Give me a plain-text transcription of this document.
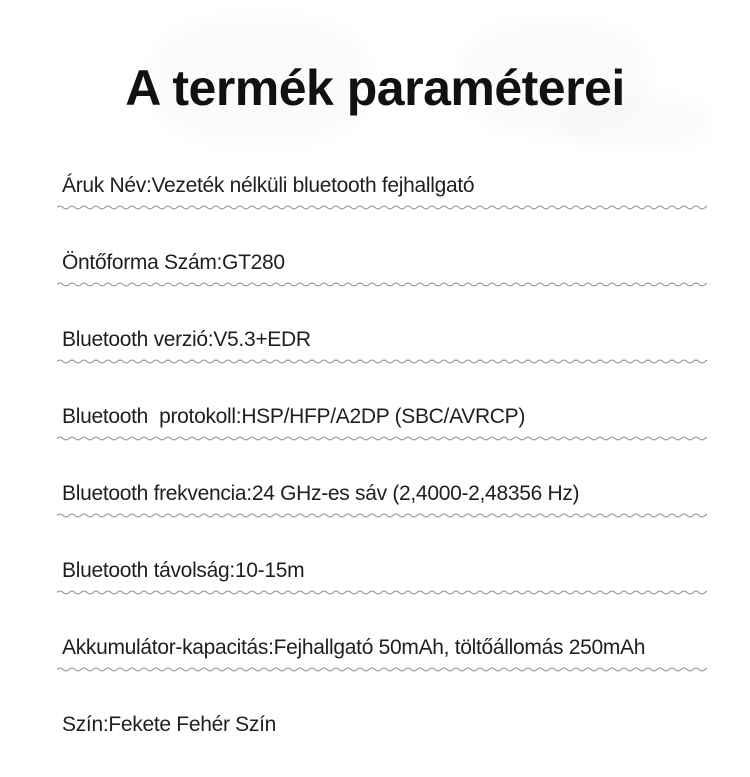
A termék paraméterei
Áruk Név:Vezeték nélküli bluetooth fejhallgató
Öntőforma Szám:GT280
Bluetooth verzió:V5.3+EDR
Bluetooth  protokoll:HSP/HFP/A2DP (SBC/AVRCP)
Bluetooth frekvencia:24 GHz-es sáv (2,4000-2,48356 Hz)
Bluetooth távolság:10-15m
Akkumulátor-kapacitás:Fejhallgató 50mAh, töltőállomás 250mAh
Szín:Fekete Fehér Szín
